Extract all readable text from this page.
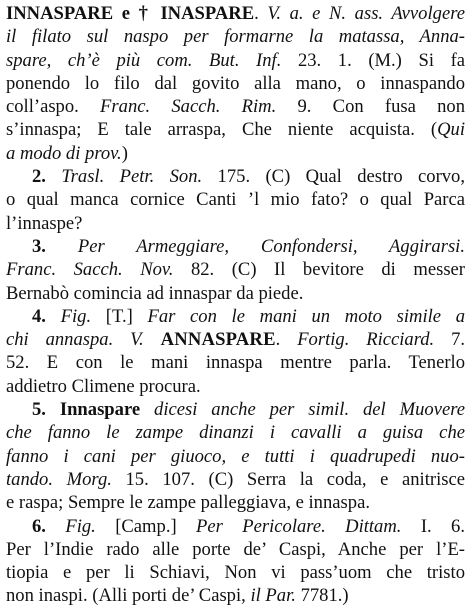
INNASPARE e † INASPARE. V. a. e N. ass. Avvolgere
il filato sul naspo per formarne la matassa, Anna-
spare, ch’è più com. But. Inf. 23. 1. (M.) Si fa
ponendo lo filo dal govito alla mano, o innaspando
coll’aspo. Franc. Sacch. Rim. 9. Con fusa non
s’innaspa; E tale arraspa, Che niente acquista. (Qui
a modo di prov.)
2. Trasl. Petr. Son. 175. (C) Qual destro corvo,
o qual manca cornice Canti ’l mio fato? o qual Parca
l’innaspe?
3. Per Armeggiare, Confondersi, Aggirarsi.
Franc. Sacch. Nov. 82. (C) Il bevitore di messer
Bernabò comincia ad innaspar da piede.
4. Fig. [T.] Far con le mani un moto simile a
chi annaspa. V. ANNASPARE. Fortig. Ricciard. 7.
52. E con le mani innaspa mentre parla. Tenerlo
addietro Climene procura.
5. Innaspare dicesi anche per simil. del Muovere
che fanno le zampe dinanzi i cavalli a guisa che
fanno i cani per giuoco, e tutti i quadrupedi nuo-
tando. Morg. 15. 107. (C) Serra la coda, e anitrisce
e raspa; Sempre le zampe palleggiava, e innaspa.
6. Fig. [Camp.] Per Pericolare. Dittam. I. 6.
Per l’Indie rado alle porte de’ Caspi, Anche per l’E-
tiopia e per li Schiavi, Non vi pass’uom che tristo
non inaspi. (Alli porti de’ Caspi, il Par. 7781.)
